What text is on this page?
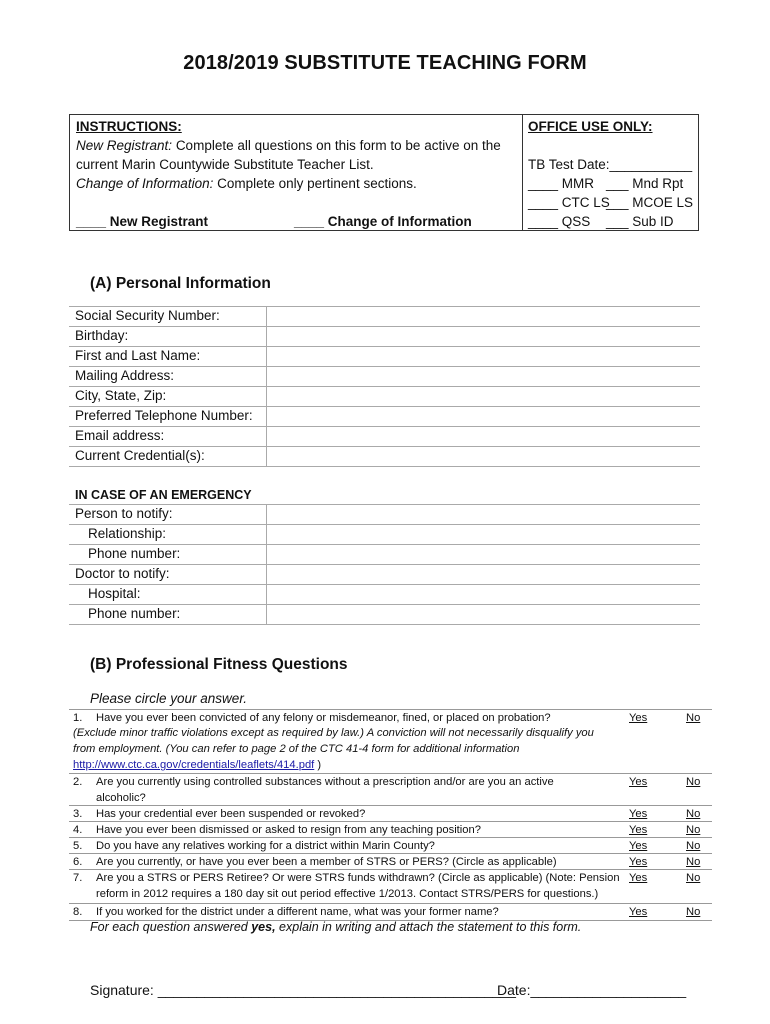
2018/2019 SUBSTITUTE TEACHING FORM
INSTRUCTIONS:
New Registrant: Complete all questions on this form to be active on the
current Marin Countywide Substitute Teacher List.
Change of Information: Complete only pertinent sections.
____ New Registrant	____ Change of Information
OFFICE USE ONLY:
TB Test Date:___________
____ MMR ___ Mnd Rpt
____ CTC LS
___ MCOE LS
____ QSS ___ Sub ID
(A) Personal Information
Social Security Number:
Birthday:
First and Last Name:
Mailing Address:
City, State, Zip:
Preferred Telephone Number:
Email address:
Current Credential(s):
IN CASE OF AN EMERGENCY
Person to notify:
Relationship:
Phone number:
Doctor to notify:
Hospital:
Phone number:
(B) Professional Fitness Questions
Please circle your answer.
1. Have you ever been convicted of any felony or misdemeanor, fined, or placed on probation?	Yes	No
(Exclude minor traffic violations except as required by law.) A conviction will not necessarily disqualify you
from employment. (You can refer to page 2 of the CTC 41-4 form for additional information
http://www.ctc.ca.gov/credentials/leaflets/414.pdf )
2. Are you currently using controlled substances without a prescription and/or are you an active alcoholic?
Yes	No
3. Has your credential ever been suspended or revoked?	Yes	No
4. Have you ever been dismissed or asked to resign from any teaching position?	Yes	No
5. Do you have any relatives working for a district within Marin County?	Yes	No
6. Are you currently, or have you ever been a member of STRS or PERS? (Circle as applicable)	Yes	No
7. Are you a STRS or PERS Retiree? Or were STRS funds withdrawn? (Circle as applicable) (Note: Pension reform in 2012 requires a 180 day sit out period effective 1/2013. Contact STRS/PERS for questions.)
Yes	No
8. If you worked for the district under a different name, what was your former name?	Yes	No
For each question answered yes, explain in writing and attach the statement to this form.
Signature: ______________________________________________
Date:____________________
